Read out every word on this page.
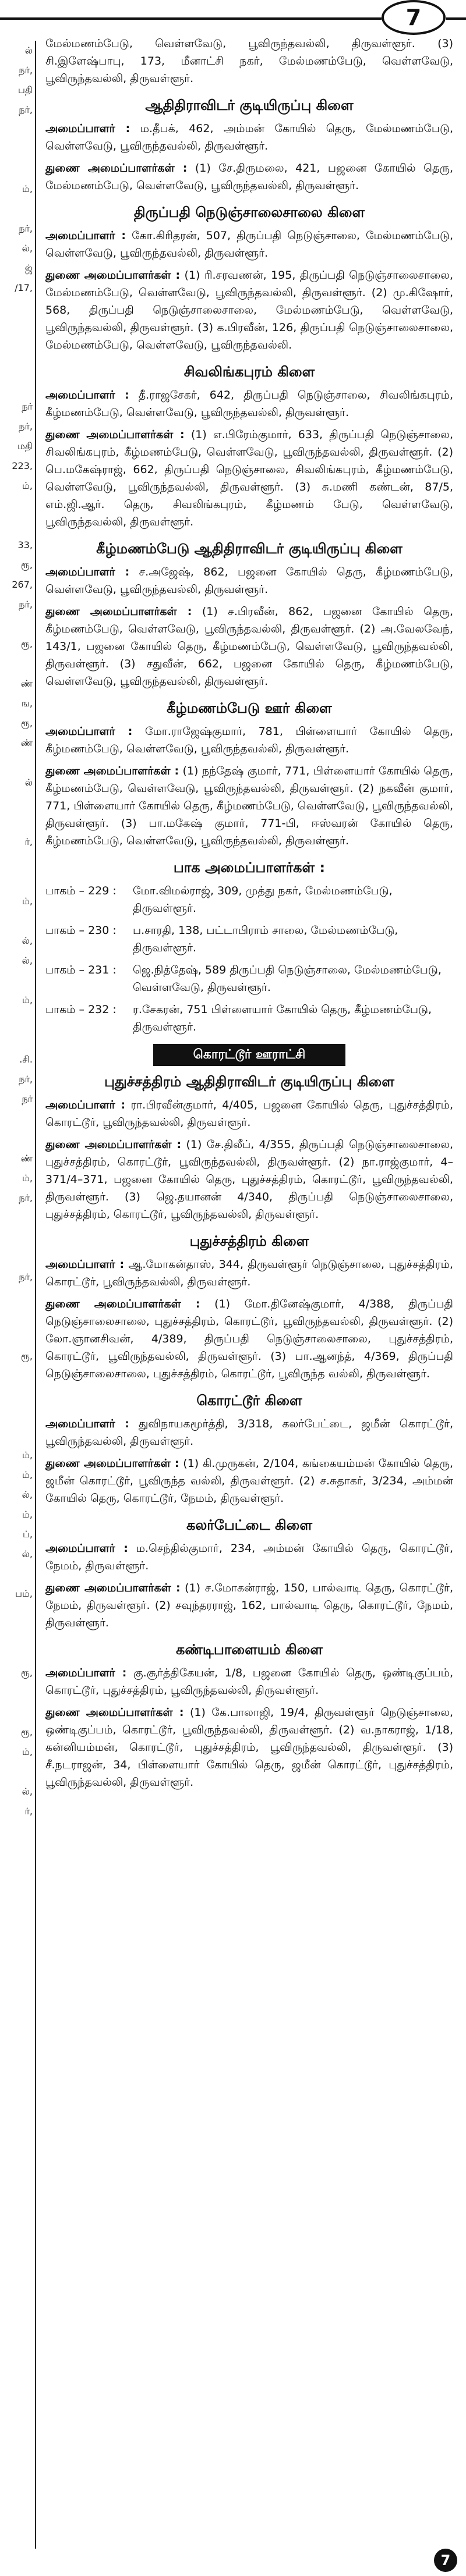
7
ல்
நர்,
பதி
நர்,

ம்,

நர்,
ல்,
ஜ்
/17,

நர்
நர்,
மதி
223,
ம்,

33,
ரூ,
267,
நர்,

ரூ,

ண்
ங,
ரூ,
ண்

ல்

ர்,

ம்,

ல்,
ல்,

ம்,

.சி.
நர்,
நர்

ண்
ம்,
நர்,

நர்,

ரூ,

ம்,
ம்,
ல்,
ம்,
ப்,
ல்,

பம்,

ரூ,

ரூ,
ம்,

ல்,
ர்,

மேல்மணம்பேடு, வெள்ளவேடு, பூவிருந்தவல்லி, திருவள்ளூர். (3) சி.இளேஷ்பாபு, 173, மீனாட்சி நகர், மேல்மணம்பேடு, வெள்ளவேடு, பூவிருந்தவல்லி, திருவள்ளூர்.

ஆதிதிராவிடர் குடியிருப்பு கிளை

அமைப்பாளர் : ம.தீபக், 462, அம்மன் கோயில் தெரு, மேல்மணம்பேடு, வெள்ளவேடு, பூவிருந்தவல்லி, திருவள்ளூர்.

துணை அமைப்பாளர்கள் : (1) சே.திருமலை, 421, பஜனை கோயில் தெரு, மேல்மணம்பேடு, வெள்ளவேடு, பூவிருந்தவல்லி, திருவள்ளூர்.

திருப்பதி நெடுஞ்சாலைசாலை கிளை

அமைப்பாளர் : கோ.கிரிதரன், 507, திருப்பதி நெடுஞ்சாலை, மேல்மணம்பேடு, வெள்ளவேடு, பூவிருந்தவல்லி, திருவள்ளூர்.

துணை அமைப்பாளர்கள் : (1) ரி.சரவணன், 195, திருப்பதி நெடுஞ்சாலைசாலை, மேல்மணம்பேடு, வெள்ளவேடு, பூவிருந்தவல்லி, திருவள்ளூர். (2) மு.கிஷோர், 568, திருப்பதி நெடுஞ்சாலைசாலை, மேல்மணம்பேடு, வெள்ளவேடு, பூவிருந்தவல்லி, திருவள்ளூர். (3) க.பிரவீன், 126, திருப்பதி நெடுஞ்சாலைசாலை, மேல்மணம்பேடு, வெள்ளவேடு, பூவிருந்தவல்லி.

சிவலிங்கபுரம் கிளை

அமைப்பாளர் : தீ.ராஜசேகர், 642, திருப்பதி நெடுஞ்சாலை, சிவலிங்கபுரம், கீழ்மணம்பேடு, வெள்ளவேடு, பூவிருந்தவல்லி, திருவள்ளூர்.

துணை அமைப்பாளர்கள் : (1) எ.பிரேம்குமார், 633, திருப்பதி நெடுஞ்சாலை, சிவலிங்கபுரம், கீழ்மணம்பேடு, வெள்ளவேடு, பூவிருந்தவல்லி, திருவள்ளூர். (2) பெ.மகேஷ்ராஜ், 662, திருப்பதி நெடுஞ்சாலை, சிவலிங்கபுரம், கீழ்மணம்பேடு, வெள்ளவேடு, பூவிருந்தவல்லி, திருவள்ளூர். (3) சு.மணி கண்டன், 87/5, எம்.ஜி.ஆர். தெரு, சிவலிங்கபுரம், கீழ்மணம் பேடு, வெள்ளவேடு, பூவிருந்தவல்லி, திருவள்ளூர்.

கீழ்மணம்பேடு ஆதிதிராவிடர் குடியிருப்பு கிளை

அமைப்பாளர் : ச.அஜேஷ், 862, பஜனை கோயில் தெரு, கீழ்மணம்பேடு, வெள்ளவேடு, பூவிருந்தவல்லி, திருவள்ளூர்.

துணை அமைப்பாளர்கள் : (1) ச.பிரவீன், 862, பஜனை கோயில் தெரு, கீழ்மணம்பேடு, வெள்ளவேடு, பூவிருந்தவல்லி, திருவள்ளூர். (2) அ.வேலவேந், 143/1, பஜனை கோயில் தெரு, கீழ்மணம்பேடு, வெள்ளவேடு, பூவிருந்தவல்லி, திருவள்ளூர். (3) சதுவீன், 662, பஜனை கோயில் தெரு, கீழ்மணம்பேடு, வெள்ளவேடு, பூவிருந்தவல்லி, திருவள்ளூர்.

கீழ்மணம்பேடு ஊர் கிளை

அமைப்பாளர் : மோ.ராஜேஷ்குமார், 781, பிள்ளையார் கோயில் தெரு, கீழ்மணம்பேடு, வெள்ளவேடு, பூவிருந்தவல்லி, திருவள்ளூர்.

துணை அமைப்பாளர்கள் : (1) நந்தேஷ் குமார், 771, பிள்ளையார் கோயில் தெரு, கீழ்மணம்பேடு, வெள்ளவேடு, பூவிருந்தவல்லி, திருவள்ளூர். (2) நகவீன் குமார், 771, பிள்ளையார் கோயில் தெரு, கீழ்மணம்பேடு, வெள்ளவேடு, பூவிருந்தவல்லி, திருவள்ளூர். (3) பா.மகேஷ் குமார், 771-பி, ஈஸ்வரன் கோயில் தெரு, கீழ்மணம்பேடு, வெள்ளவேடு, பூவிருந்தவல்லி, திருவள்ளூர்.

பாக அமைப்பாளர்கள் :
பாகம் – 229 :	மோ.விமல்ராஜ், 309, முத்து நகர், மேல்மணம்பேடு, திருவள்ளூர்.
பாகம் – 230 :	ப.சாரதி, 138, பட்டாபிராம் சாலை, மேல்மணம்பேடு, திருவள்ளூர்.
பாகம் – 231 :	ஜெ.நித்தேஷ், 589 திருப்பதி நெடுஞ்சாலை, மேல்மணம்பேடு, வெள்ளவேடு, திருவள்ளூர்.
பாகம் – 232 :	ர.சேகரன், 751 பிள்ளையார் கோயில் தெரு, கீழ்மணம்பேடு, திருவள்ளூர்.
கொரட்டூர் ஊராட்சி
புதுச்சத்திரம் ஆதிதிராவிடர் குடியிருப்பு கிளை

அமைப்பாளர் : ரா.பிரவீன்குமார், 4/405, பஜனை கோயில் தெரு, புதுச்சத்திரம், கொரட்டூர், பூவிருந்தவல்லி, திருவள்ளூர்.

துணை அமைப்பாளர்கள் : (1) சே.திலீப், 4/355, திருப்பதி நெடுஞ்சாலைசாலை, புதுச்சத்திரம், கொரட்டூர், பூவிருந்தவல்லி, திருவள்ளூர். (2) நா.ராஜ்குமார், 4–371/4–371, பஜனை கோயில் தெரு, புதுச்சத்திரம், கொரட்டூர், பூவிருந்தவல்லி, திருவள்ளூர். (3) ஜெ.தயானன் 4/340, திருப்பதி நெடுஞ்சாலைசாலை, புதுச்சத்திரம், கொரட்டூர், பூவிருந்தவல்லி, திருவள்ளூர்.

புதுச்சத்திரம் கிளை

அமைப்பாளர் : ஆ.மோகன்தாஸ், 344, திருவள்ளூர் நெடுஞ்சாலை, புதுச்சத்திரம், கொரட்டூர், பூவிருந்தவல்லி, திருவள்ளூர்.

துணை அமைப்பாளர்கள் : (1) மோ.தினேஷ்குமார், 4/388, திருப்பதி நெடுஞ்சாலைசாலை, புதுச்சத்திரம், கொரட்டூர், பூவிருந்தவல்லி, திருவள்ளூர். (2) லோ.ஞானசிவன், 4/389, திருப்பதி நெடுஞ்சாலைசாலை, புதுச்சத்திரம், கொரட்டூர், பூவிருந்தவல்லி, திருவள்ளூர். (3) பா.ஆனந்த், 4/369, திருப்பதி நெடுஞ்சாலைசாலை, புதுச்சத்திரம், கொரட்டூர், பூவிருந்த வல்லி, திருவள்ளூர்.

கொரட்டூர் கிளை

அமைப்பாளர் : துவிநாயகமூர்த்தி, 3/318, கலர்பேட்டை, ஜமீன் கொரட்டூர், பூவிருந்தவல்லி, திருவள்ளூர்.

துணை அமைப்பாளர்கள் : (1) கி.முருகன், 2/104, கங்கையம்மன் கோயில் தெரு, ஜமீன் கொரட்டூர், பூவிருந்த வல்லி, திருவள்ளூர். (2) ச.சுதாகர், 3/234, அம்மன் கோயில் தெரு, கொரட்டூர், நேமம், திருவள்ளூர்.

கலர்பேட்டை கிளை

அமைப்பாளர் : ம.செந்தில்குமார், 234, அம்மன் கோயில் தெரு, கொரட்டூர், நேமம், திருவள்ளூர்.

துணை அமைப்பாளர்கள் : (1) ச.மோகன்ராஜ், 150, பால்வாடி தெரு, கொரட்டூர், நேமம், திருவள்ளூர். (2) சவுந்தரராஜ், 162, பால்வாடி தெரு, கொரட்டூர், நேமம், திருவள்ளூர்.

கண்டிபாளையம் கிளை

அமைப்பாளர் : கு.சூர்த்திகேயன், 1/8, பஜனை கோயில் தெரு, ஒண்டிகுப்பம், கொரட்டூர், புதுச்சத்திரம், பூவிருந்தவல்லி, திருவள்ளூர்.

துணை அமைப்பாளர்கள் : (1) கே.பாலாஜி, 19/4, திருவள்ளூர் நெடுஞ்சாலை, ஒண்டிகுப்பம், கொரட்டூர், பூவிருந்தவல்லி, திருவள்ளூர். (2) வ.நாகராஜ், 1/18, கன்னியம்மன், கொரட்டூர், புதுச்சத்திரம், பூவிருந்தவல்லி, திருவள்ளூர். (3) சீ.நடராஜன், 34, பிள்ளையார் கோயில் தெரு, ஜமீன் கொரட்டூர், புதுச்சத்திரம், பூவிருந்தவல்லி, திருவள்ளூர்.

7
